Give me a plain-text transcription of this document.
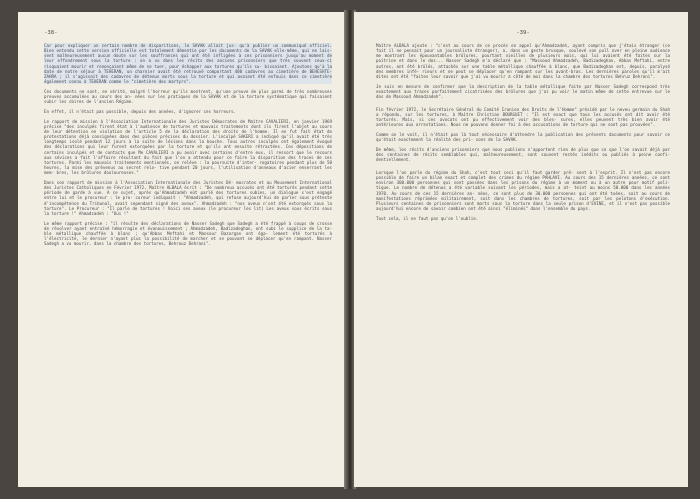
-38-

Car pour expliquer un certain nombre de disparitions, le SAVAK allait jus- qu'à publier un communiqué officiel. Bien entendu cette version officielle est totalement démentie par les documents de la SAVAK elle-même, qui ne lais- sent malheureusement aucun doute sur les souffrances qui ont été infligées à ces prisonniers jusqu'au moment de leur effondrement sous la torture : on a vu dans les récits des anciens prisonniers que très souvent ceux-ci risquaient mourir et renonçaient même de se tuer, pour échapper aux tortures qu'ils su- bissaient. Ajoutons qu'à la date de notre séjour à TEHERAN, un charnier avait été retrouvé comportant 400 cadavres au cimetière de BEHESHTE-ZAHRA ; il s'agissait des cadavres de détenus morts sous la torture et qui avaient été enfouis dans ce cimetière également connu à TEHERAN comme le "cimetière des martyrs".

Ces documents ne sont, en vérité, malgré l'horreur qu'ils montrent, qu'une preuve de plus parmi de très nombreuses preuves accumulées au cours des an- nées sur les pratiques de la SAVAK et de la torture systématique qui faisaient subir les sbires de l'ancien Régime.

En effet, il n'était pas possible, depuis des années, d'ignorer ces horreurs.

Le rapport de mission à l'Association Internationale des Juristes Démocrates de Maître CAVALIERI, en janvier 1969 précise "des inculpés firent état à l'audience de tortures et mauvais traitements dont ils firent l'objet au cours de leur détention en violation de l'article 5 de la déclaration des droits de l'homme. Il en fut fait état de protestations déjà consignées dans des pièces précises du dossier. L'inculpé SAKERI a indiqué qu'il avait été très longtemps isolé pendant 12 jours à la suite de lésions dans la bouche. Tous autres inculpés ont également évoqué des déclarations qui leur furent extorquées par la torture et qu'ils ont ensuite rétractées. Ces dépositions de certains inculpés et de contacts que Me CAVALIERI a pu avoir avec certains d'entre eux, il ressort que le recours aux sévices a fait l'affaire résultant du fait que l'on a attendu pour ce faire la disparition des traces de ces tortures. Parmi les mauvais traitements mentionnés, on relève : la poursuite d'inter- rogatoires pendant plus de 50 heures, la mise des prévenus au secret rela- tive pendant 20 jours, l'utilisation d'anneaux d'acier enserrant les mem- bres, les brûlures douloureuses."

Dans son rapport de mission à l'Association Internationale des Juristes Dé- mocrates et au Mouvement International des Juristes Catholiques en Février 1972, Maître ALBALA écrit : "De nombreux accusés ont été torturés pendant cette période de garde à vue. A ce sujet, après qu'Ahmadzadeh eût parlé des tortures subies, un dialogue s'est engagé entre lui et le procureur : le pro- cureur indiquait : "Ahmadzadeh, qui refuse aujourd'hui de parler sous prétexte d'incompétence du Tribunal, avait cependant signé des aveux". Ahmadzadeh : "nos aveux n'ont été extorqués sous la torture". Le Procureur : "Il parle de tortures ! Voici ses aveux (le procureur les lit) Les aveux sous écrits sous la torture !" Ahmadzadeh : "Oui !"

Le même rapport précise : "il résulte des déclarations de Nasser Sadegh que Sadegh a été frappé à coups de crosse de révolver ayant entraîné hémorragie et évanouissement ; Ahmadzadeh, Badizadeghan, ont subi le supplice de la ta- ble métallique chauffée à blanc ; qu'Abbas Meftahi et Mansour Bazargan ont éga- lement été torturés à l'électricité, le dernier n'ayant plus la possibilité de marcher et se pouvant se déplacer qu'en rampant. Nasser Sadegh a vu mourir, dans la chambre des tortures, Behrouz Dehrani".

-39-

Maître ALBALA ajoute : "c'est au cours de ce procès en appel qu'Ahmadzadeh, ayant compris que j'étais étranger (ce fait il ne pensait pour un journaliste étranger), a, dans un geste brusque, soulevé son pull over en pleine audience me montrant les épouvantables brûlures, pourtant vieilles de plusieurs mois, qui lui avaient été faites sur la poitrine et dans le dos... Nasser Sadegh m'a déclaré que : "Massoud Ahmadzadeh, Badizadeghan, Abbas Meftahi, entre autres, ont été brûlés, attachés sur une table métallique chauffée à blanc, que Badizadeghan est, depuis, paralysé des membres infé- rieurs et ne peut se déplacer qu'en rampant sur les avant-bras. Les dernières paroles qu'il m'ait dites ont été "faites leur savoir que j'ai vu mourir à côté de moi dans la chambre des tortures Behruz Dehrani".

Je suis en mesure de confirmer que la description de la table métallique faite par Nasser Sadegh correspond très exactement aux traces parfaitement cicatrisées des brûlures que j'ai pu voir le matin même de cette entrevue sur le dos de Massoud Ahmadzadeh".

Fin février 1972, le Secrétaire Général du Comité Iranien des Droits de l'Homme" présidé par le neveu germain du Shah a répondu, sur les tortures, à Maître Christian BOURGUET : "Il est exact que tous les accusés ont dit avoir été torturés. Mais, si ces avocats ont pu effectivement voir des bles- sures, elles peuvent très bien avoir été antérieures aux arrestations. Nous ne pouvons donner foi à des accusations de torture qui ne sont pas prouvées".

Comme on le voit, il n'était pas là tout nécessaire d'attendre la publication des présents documents pour savoir ce qu'était exactement la réalité des pri- sons de la SAVAK.

De même, les récits d'anciens prisonniers que nous publions n'apportent rien de plus que ce que l'on savait déjà par des centaines de récits semblables qui, malheureusement, sont souvent restés inédits ou publiés à peine confi- dentiellement.

Lorsque l'on parle du régime du Shah, c'est tout ceci qu'il faut garder pré- sent à l'esprit. Il n'est pas encore possible de faire un bilan exact et complet des crimes du régime PAHLAVI. Au cours des 15 dernières années, ce sont environ 300.000 personnes qui sont passées dans les prisons du régime à un moment ou à un autre pour motif poli- tique. Le nombre de détenus a été variable suivant les périodes, mais a at- teint au moins 50.000 dans les années 1970. Au cours de ces 15 dernières an- nées, ce sont plus de 30.000 personnes qui ont été tuées, soit au cours de manifestations réprimées militairement, soit dans les chambres de tortures, soit par les pelotons d'exécution. Plusieurs centaines de prisonniers sont morts sous la torture dans la seule prison d'EVINE, et il n'est pas possible aujourd'hui encore de savoir combien ont été ainsi "éliminés" dans l'ensemble du pays.

Tout cela, il ne faut pas qu'on l'oublie.
